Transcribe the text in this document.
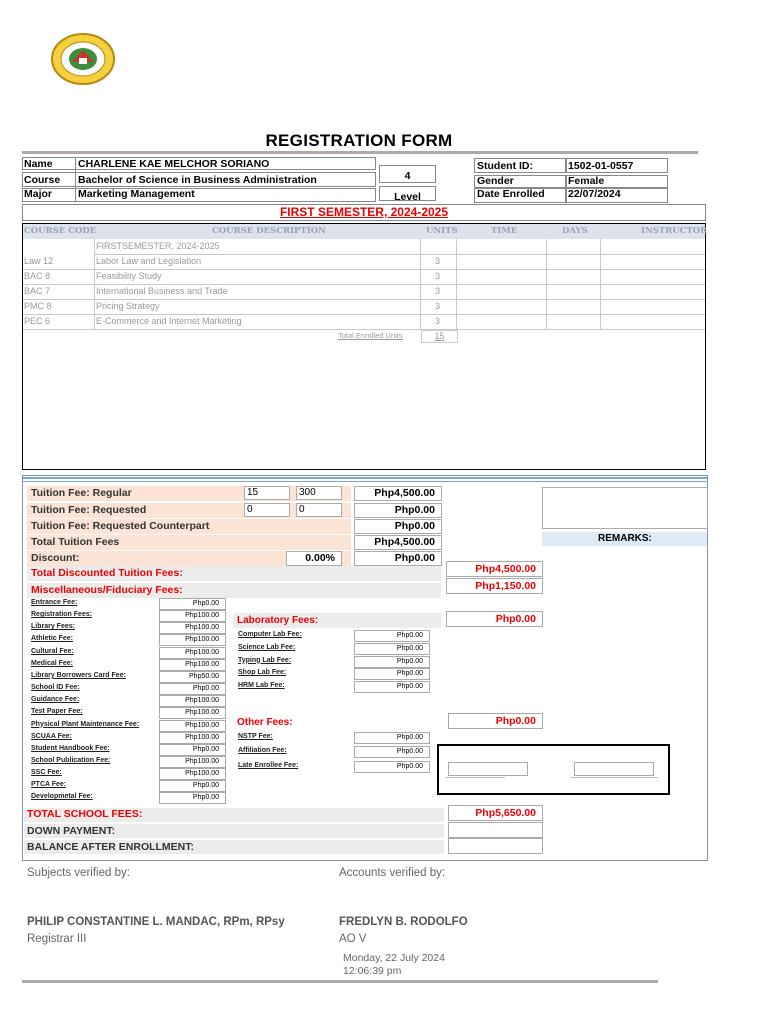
REGISTRATION FORM
Name CHARLENE KAE MELCHOR SORIANO
Course Bachelor of Science in Business Administration
Major Marketing Management
4
Level
Student ID:	1502-01-0557
Gender	Female
Date Enrolled 22/07/2024
FIRST SEMESTER, 2024-2025
COURSE CODE	COURSE DESCRIPTION	UNITS	TIME	DAYS	INSTRUCTOR
FIRSTSEMESTER, 2024-2025
Law 12	Labor Law and Legislation	3
BAC 8	Feasibility Study	3
BAC 7	International Business and Trade	3
PMC 8	Pricing Strategy	3
PEC 6	E-Commerce and Internet Marketing	3
Total Enrolled Units	15
Tuition Fee: Regular	15	300	Php4,500.00
Tuition Fee: Requested	0	0	Php0.00
Tuition Fee: Requested Counterpart	Php0.00
Total Tuition Fees	Php4,500.00
Discount:	0.00%	Php0.00
Total Discounted Tuition Fees:	Php4,500.00
REMARKS:
Miscellaneous/Fiduciary Fees:	Php1,150.00
Entrance Fee:	Php0.00
Registration Fees:	Php100.00
Library Fees:	Php100.00
Athletic Fee:	Php100.00
Cultural Fee:	Php100.00
Medical Fee:	Php100.00
Library Borrowers Card Fee:	Php50.00
School ID Fee:	Php0.00
Guidance Fee:	Php100.00
Test Paper Fee:	Php100.00
Physical Plant Maintenance Fee:	Php100.00
SCUAA Fee:	Php100.00
Student Handbook Fee:	Php0.00
School Publication Fee:	Php100.00
SSC Fee:	Php100.00
PTCA Fee:	Php0.00
Developmetal Fee:	Php0.00
Laboratory Fees:	Php0.00
Computer Lab Fee:	Php0.00
Science Lab Fee:	Php0.00
Typing Lab Fee:	Php0.00
Shop Lab Fee:	Php0.00
HRM Lab Fee:	Php0.00
Other Fees:	Php0.00
NSTP Fee:	Php0.00
Affiliation Fee:	Php0.00
Late Enrollee Fee:	Php0.00
TOTAL SCHOOL FEES:	Php5,650.00
DOWN PAYMENT:
BALANCE AFTER ENROLLMENT:
Subjects verified by:	Accounts verified by:
PHILIP CONSTANTINE L. MANDAC, RPm, RPsy
Registrar III
FREDLYN B. RODOLFO
AO V
Monday, 22 July 2024
12:06:39 pm
